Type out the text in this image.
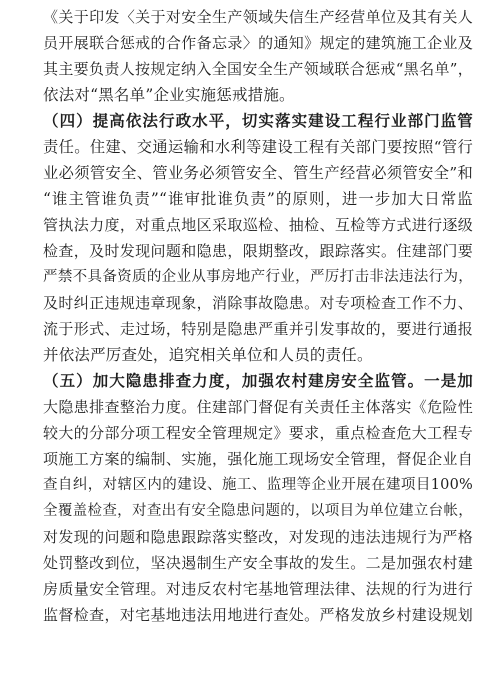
《关于印发〈关于对安全生产领域失信生产经营单位及其有关人
员开展联合惩戒的合作备忘录〉的通知》规定的建筑施工企业及
其主要负责人按规定纳入全国安全生产领域联合惩戒“黑名单”，
依法对“黑名单”企业实施惩戒措施。
（四）提高依法行政水平，切实落实建设工程行业部门监管
责任。住建、交通运输和水利等建设工程有关部门要按照“管行
业必须管安全、管业务必须管安全、管生产经营必须管安全”和
“谁主管谁负责”“谁审批谁负责”的原则，进一步加大日常监
管执法力度，对重点地区采取巡检、抽检、互检等方式进行逐级
检查，及时发现问题和隐患，限期整改，跟踪落实。住建部门要
严禁不具备资质的企业从事房地产行业，严厉打击非法违法行为，
及时纠正违规违章现象，消除事故隐患。对专项检查工作不力、
流于形式、走过场，特别是隐患严重并引发事故的，要进行通报
并依法严厉查处，追究相关单位和人员的责任。
（五）加大隐患排查力度，加强农村建房安全监管。一是加
大隐患排查整治力度。住建部门督促有关责任主体落实《危险性
较大的分部分项工程安全管理规定》要求，重点检查危大工程专
项施工方案的编制、实施，强化施工现场安全管理，督促企业自
查自纠，对辖区内的建设、施工、监理等企业开展在建项目100%
全覆盖检查，对查出有安全隐患问题的，以项目为单位建立台帐，
对发现的问题和隐患跟踪落实整改，对发现的违法违规行为严格
处罚整改到位，坚决遏制生产安全事故的发生。二是加强农村建
房质量安全管理。对违反农村宅基地管理法律、法规的行为进行
监督检查，对宅基地违法用地进行查处。严格发放乡村建设规划
